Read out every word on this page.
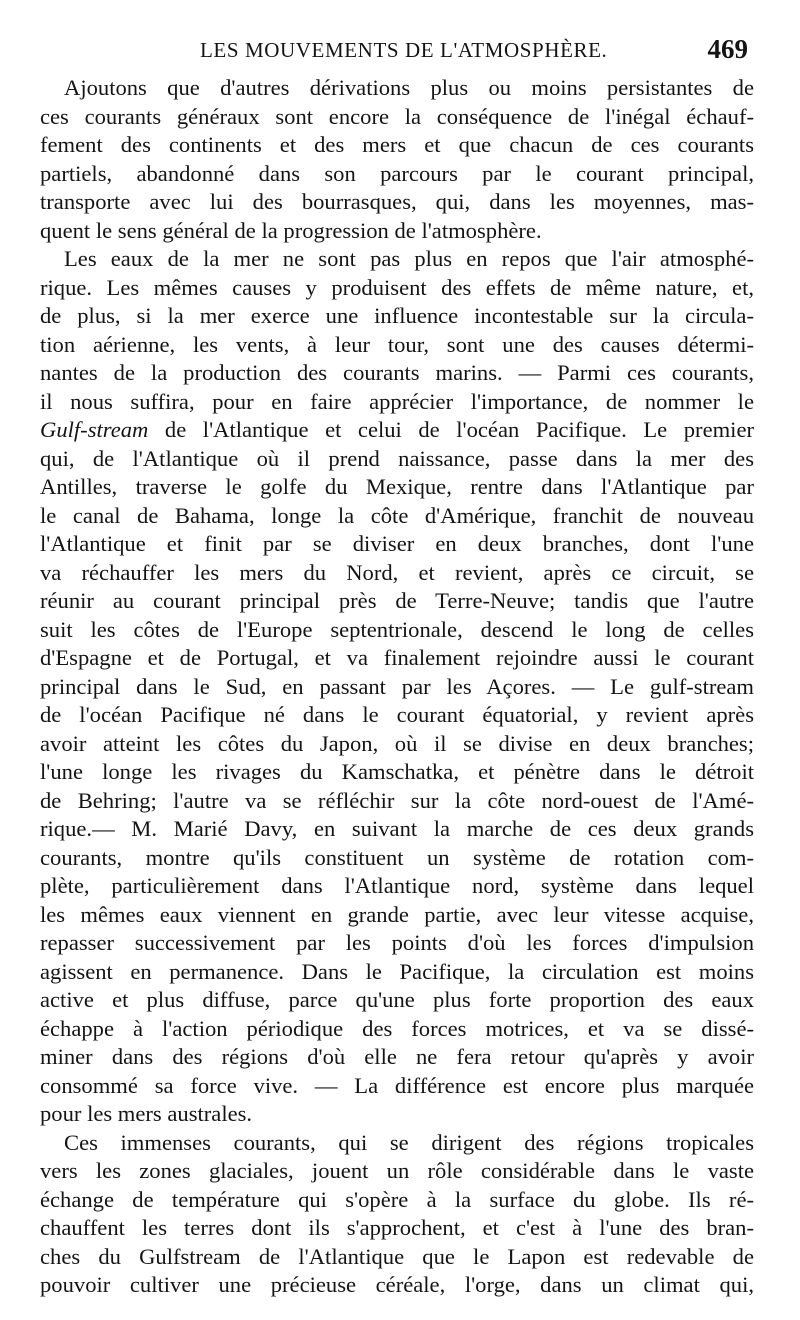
LES MOUVEMENTS DE L'ATMOSPHÈRE.	469
Ajoutons que d'autres dérivations plus ou moins persistantes de
ces courants généraux sont encore la conséquence de l'inégal échauf-
fement des continents et des mers et que chacun de ces courants
partiels, abandonné dans son parcours par le courant principal,
transporte avec lui des bourrasques, qui, dans les moyennes, mas-
quent le sens général de la progression de l'atmosphère.
Les eaux de la mer ne sont pas plus en repos que l'air atmosphé-
rique. Les mêmes causes y produisent des effets de même nature, et,
de plus, si la mer exerce une influence incontestable sur la circula-
tion aérienne, les vents, à leur tour, sont une des causes détermi-
nantes de la production des courants marins. — Parmi ces courants,
il nous suffira, pour en faire apprécier l'importance, de nommer le
Gulf-stream de l'Atlantique et celui de l'océan Pacifique. Le premier
qui, de l'Atlantique où il prend naissance, passe dans la mer des
Antilles, traverse le golfe du Mexique, rentre dans l'Atlantique par
le canal de Bahama, longe la côte d'Amérique, franchit de nouveau
l'Atlantique et finit par se diviser en deux branches, dont l'une
va réchauffer les mers du Nord, et revient, après ce circuit, se
réunir au courant principal près de Terre-Neuve; tandis que l'autre
suit les côtes de l'Europe septentrionale, descend le long de celles
d'Espagne et de Portugal, et va finalement rejoindre aussi le courant
principal dans le Sud, en passant par les Açores. — Le gulf-stream
de l'océan Pacifique né dans le courant équatorial, y revient après
avoir atteint les côtes du Japon, où il se divise en deux branches;
l'une longe les rivages du Kamschatka, et pénètre dans le détroit
de Behring; l'autre va se réfléchir sur la côte nord-ouest de l'Amé-
rique.— M. Marié Davy, en suivant la marche de ces deux grands
courants, montre qu'ils constituent un système de rotation com-
plète, particulièrement dans l'Atlantique nord, système dans lequel
les mêmes eaux viennent en grande partie, avec leur vitesse acquise,
repasser successivement par les points d'où les forces d'impulsion
agissent en permanence. Dans le Pacifique, la circulation est moins
active et plus diffuse, parce qu'une plus forte proportion des eaux
échappe à l'action périodique des forces motrices, et va se dissé-
miner dans des régions d'où elle ne fera retour qu'après y avoir
consommé sa force vive. — La différence est encore plus marquée
pour les mers australes.
Ces immenses courants, qui se dirigent des régions tropicales
vers les zones glaciales, jouent un rôle considérable dans le vaste
échange de température qui s'opère à la surface du globe. Ils ré-
chauffent les terres dont ils s'approchent, et c'est à l'une des bran-
ches du Gulfstream de l'Atlantique que le Lapon est redevable de
pouvoir cultiver une précieuse céréale, l'orge, dans un climat qui,
